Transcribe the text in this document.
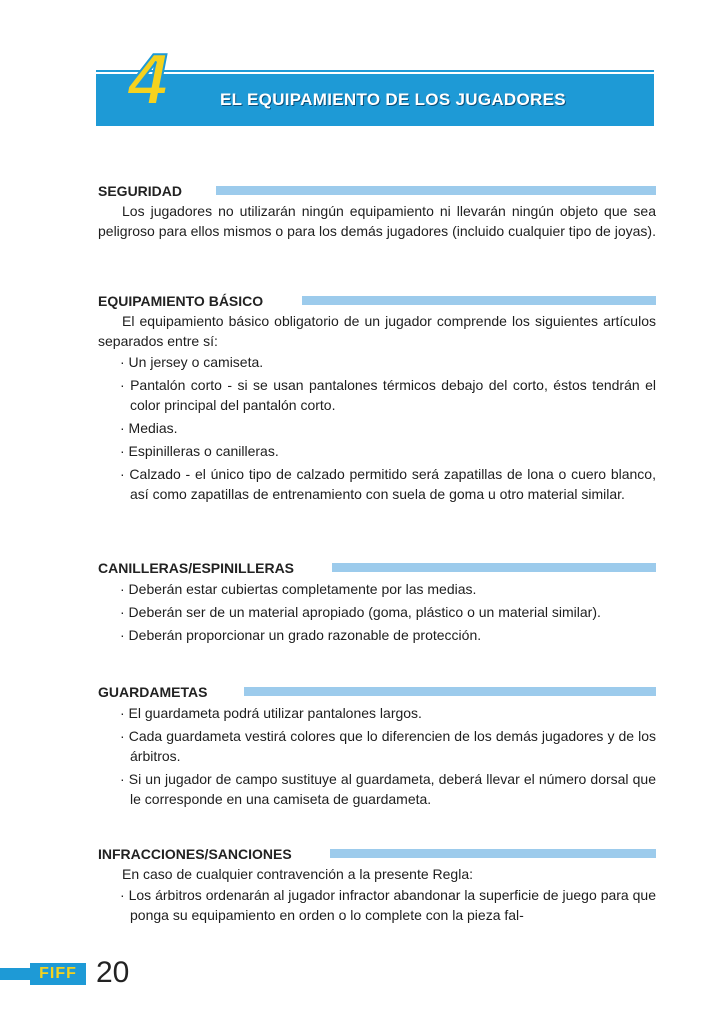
4	EL EQUIPAMIENTO DE LOS JUGADORES
SEGURIDAD

Los jugadores no utilizarán ningún equipamiento ni llevarán ningún objeto que sea peligroso para ellos mismos o para los demás jugadores (incluido cualquier tipo de joyas).

EQUIPAMIENTO BÁSICO

El equipamiento básico obligatorio de un jugador comprende los siguientes artículos separados entre sí:

· Un jersey o camiseta.

· Pantalón corto - si se usan pantalones térmicos debajo del corto, éstos tendrán el color principal del pantalón corto.

· Medias.

· Espinilleras o canilleras.

· Calzado - el único tipo de calzado permitido será zapatillas de lona o cuero blanco, así como zapatillas de entrenamiento con suela de goma u otro material similar.

CANILLERAS/ESPINILLERAS

· Deberán estar cubiertas completamente por las medias.

· Deberán ser de un material apropiado (goma, plástico o un material similar).

· Deberán proporcionar un grado razonable de protección.

GUARDAMETAS

· El guardameta podrá utilizar pantalones largos.

· Cada guardameta vestirá colores que lo diferencien de los demás jugadores y de los árbitros.

· Si un jugador de campo sustituye al guardameta, deberá llevar el número dorsal que le corresponde en una camiseta de guardameta.

INFRACCIONES/SANCIONES

En caso de cualquier contravención a la presente Regla:

· Los árbitros ordenarán al jugador infractor abandonar la superficie de juego para que ponga su equipamiento en orden o lo complete con la pieza fal-

FIFF 20
